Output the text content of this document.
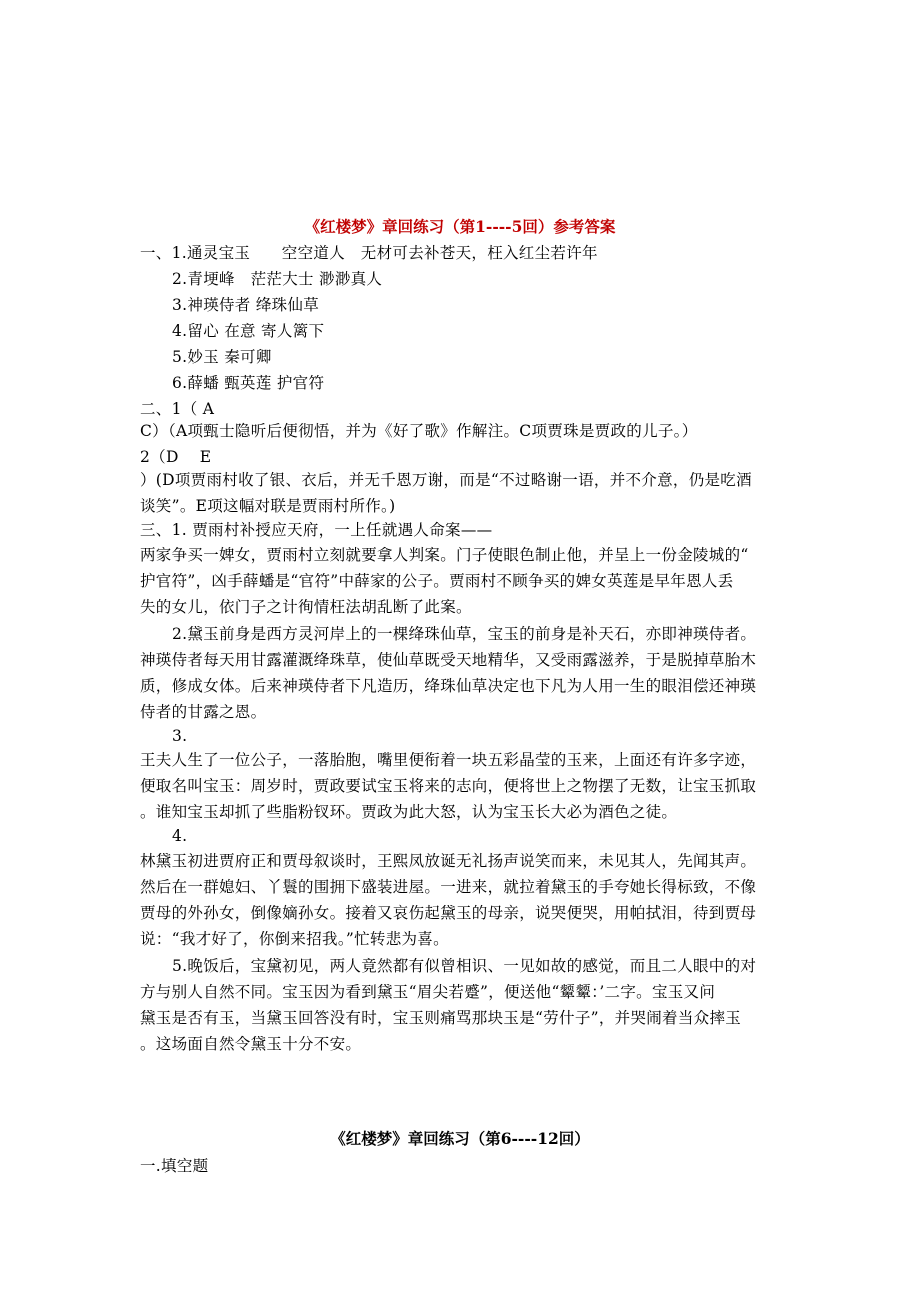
《红楼梦》章回练习（第1----5回）参考答案
一、1.通灵宝玉　　空空道人　无材可去补苍天，枉入红尘若许年
2.青埂峰　茫茫大士 渺渺真人
3.神瑛侍者 绛珠仙草
4.留心 在意 寄人篱下
5.妙玉 秦可卿
6.薛蟠 甄英莲 护官符
二、1（ A
C）（A项甄士隐听后便彻悟，并为《好了歌》作解注。C项贾珠是贾政的儿子。）
2（D　 E
）(D项贾雨村收了银、衣后，并无千恩万谢，而是“不过略谢一语，并不介意，仍是吃酒
谈笑”。E项这幅对联是贾雨村所作。)
三、1. 贾雨村补授应天府，一上任就遇人命案——
两家争买一婢女，贾雨村立刻就要拿人判案。门子使眼色制止他，并呈上一份金陵城的“
护官符”，凶手薛蟠是“官符”中薛家的公子。贾雨村不顾争买的婢女英莲是早年恩人丢
失的女儿，依门子之计徇情枉法胡乱断了此案。
2.黛玉前身是西方灵河岸上的一棵绛珠仙草，宝玉的前身是补天石，亦即神瑛侍者。
神瑛侍者每天用甘露灌溉绛珠草，使仙草既受天地精华，又受雨露滋养，于是脱掉草胎木
质，修成女体。后来神瑛侍者下凡造历，绛珠仙草决定也下凡为人用一生的眼泪偿还神瑛
侍者的甘露之恩。
3.
王夫人生了一位公子，一落胎胞，嘴里便衔着一块五彩晶莹的玉来，上面还有许多字迹，
便取名叫宝玉：周岁时，贾政要试宝玉将来的志向，便将世上之物摆了无数，让宝玉抓取
。谁知宝玉却抓了些脂粉钗环。贾政为此大怒，认为宝玉长大必为酒色之徒。
4.
林黛玉初进贾府正和贾母叙谈时，王熙凤放诞无礼扬声说笑而来，未见其人，先闻其声。
然后在一群媳妇、丫鬟的围拥下盛装进屋。一进来，就拉着黛玉的手夸她长得标致，不像
贾母的外孙女，倒像嫡孙女。接着又哀伤起黛玉的母亲，说哭便哭，用帕拭泪，待到贾母
说：“我才好了，你倒来招我。”忙转悲为喜。
5.晚饭后，宝黛初见，两人竟然都有似曾相识、一见如故的感觉，而且二人眼中的对
方与别人自然不同。宝玉因为看到黛玉“眉尖若蹙”，便送他“颦颦：’二字。宝玉又问
黛玉是否有玉，当黛玉回答没有时，宝玉则痛骂那块玉是“劳什子”，并哭闹着当众摔玉
。这场面自然令黛玉十分不安。
《红楼梦》章回练习（第6----12回）
一.填空题
